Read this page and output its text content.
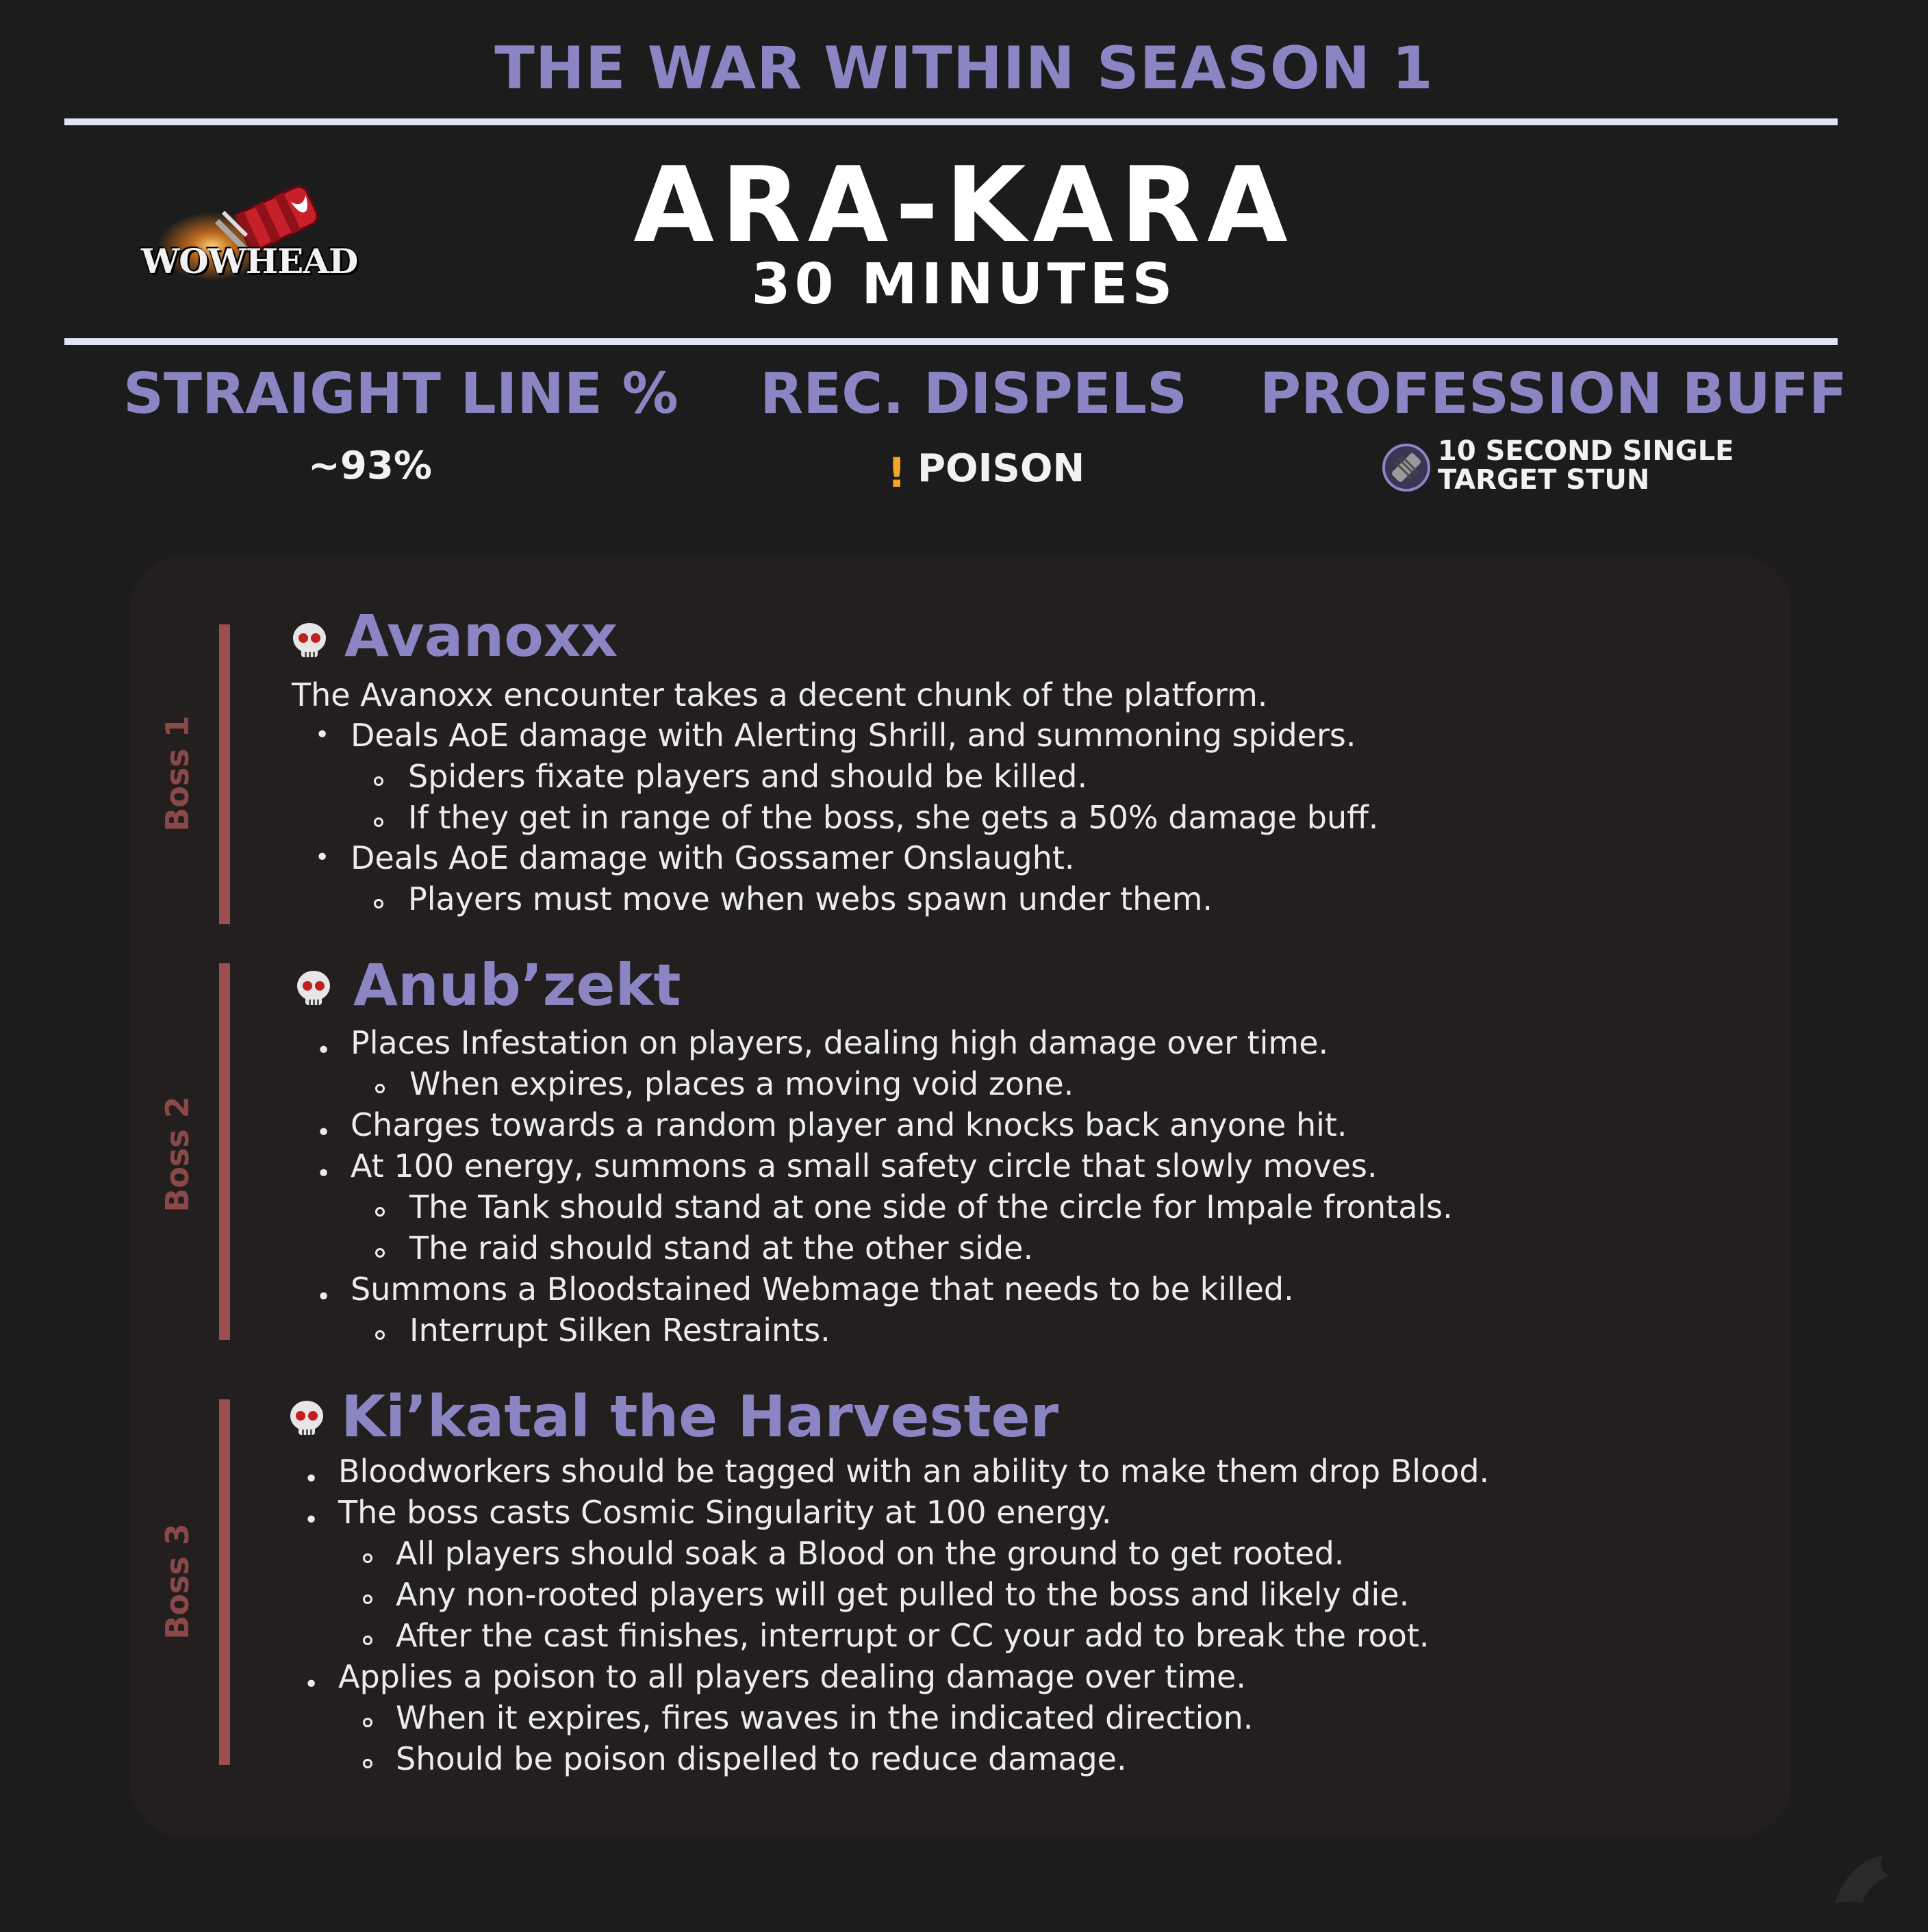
THE WAR WITHIN SEASON 1
WOWHEAD	ARA-KARA
30 MINUTES
STRAIGHT LINE %
~93%
REC. DISPELS
! POISON
PROFESSION BUFF
10 SECOND SINGLE
TARGET STUN
Boss 1
Avanoxx
The Avanoxx encounter takes a decent chunk of the platform.
• Deals AoE damage with Alerting Shrill, and summoning spiders.
Spiders fixate players and should be killed.
If they get in range of the boss, she gets a 50% damage buff.
• Deals AoE damage with Gossamer Onslaught.
Players must move when webs spawn under them.
Boss 2
Anub’zekt
• Places Infestation on players, dealing high damage over time.
When expires, places a moving void zone.
• Charges towards a random player and knocks back anyone hit.
• At 100 energy, summons a small safety circle that slowly moves.
The Tank should stand at one side of the circle for Impale frontals.
The raid should stand at the other side.
• Summons a Bloodstained Webmage that needs to be killed.
Interrupt Silken Restraints.
Boss 3
Ki’katal the Harvester
• Bloodworkers should be tagged with an ability to make them drop Blood.
• The boss casts Cosmic Singularity at 100 energy.
All players should soak a Blood on the ground to get rooted.
Any non-rooted players will get pulled to the boss and likely die.
After the cast finishes, interrupt or CC your add to break the root.
• Applies a poison to all players dealing damage over time.
When it expires, fires waves in the indicated direction.
Should be poison dispelled to reduce damage.
